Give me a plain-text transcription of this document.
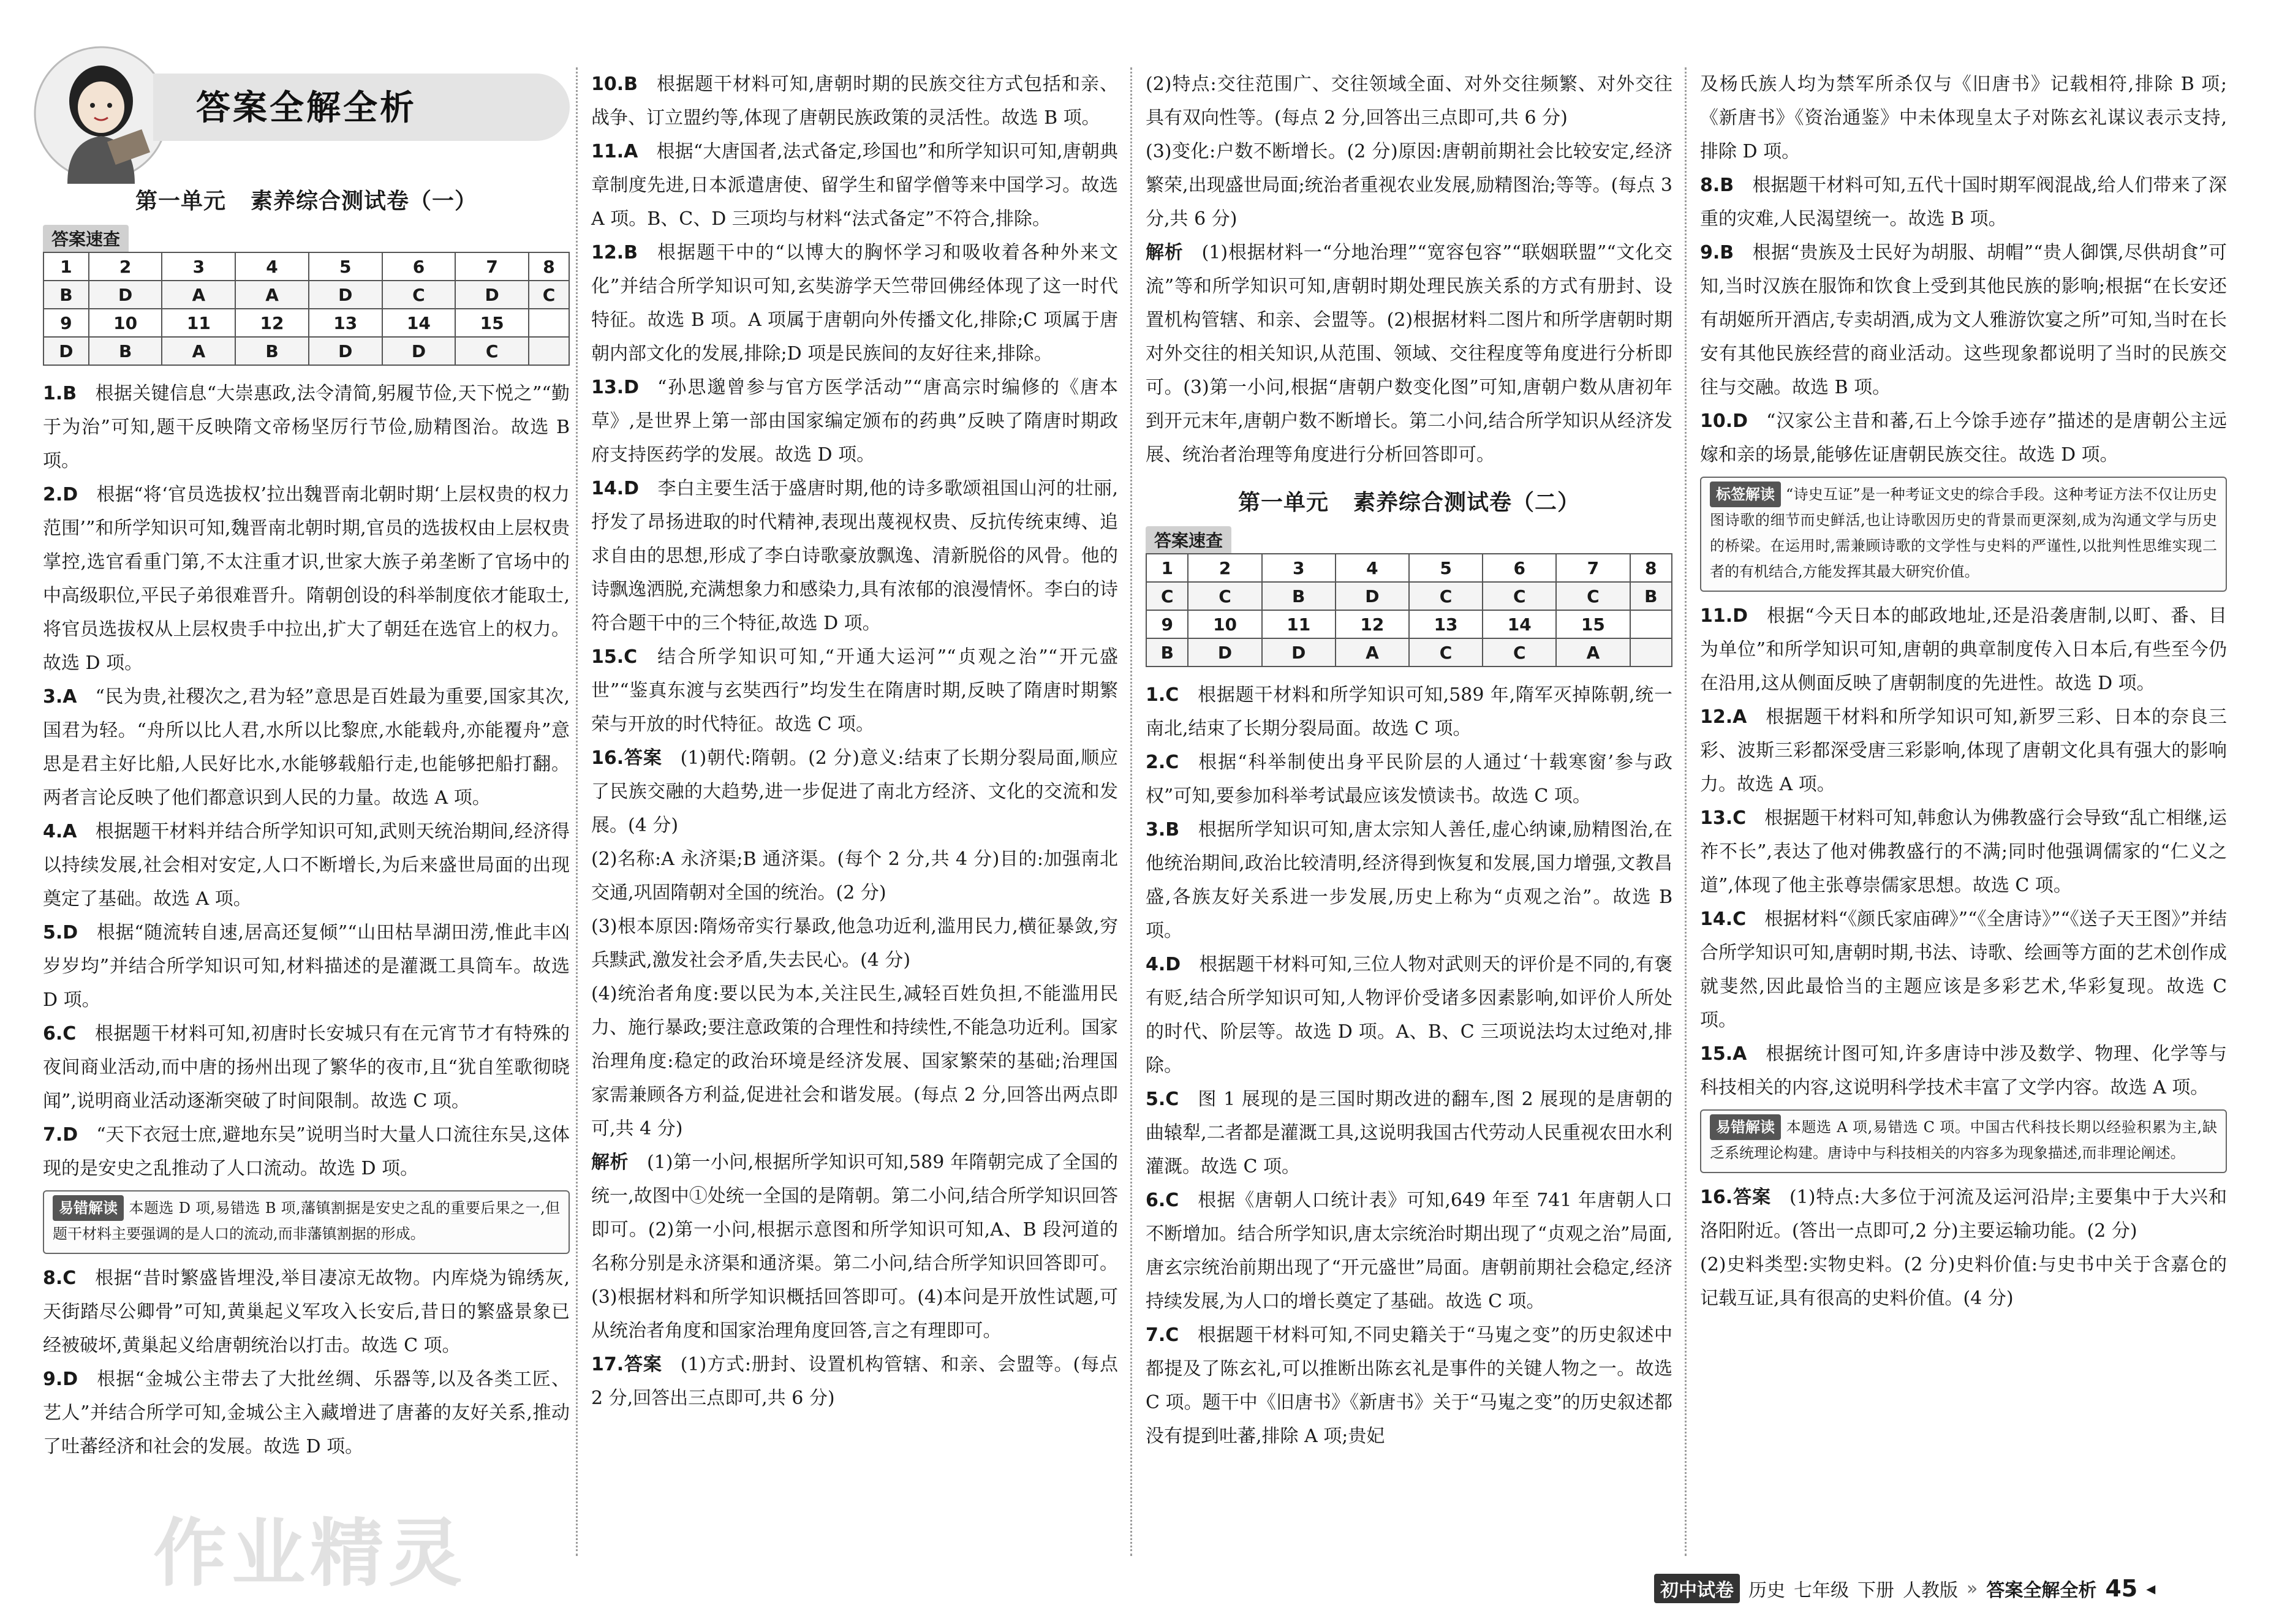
答案全解全析
第一单元 素养综合测试卷（一）
答案速查
1	2	3	4	5	6	7	8
B	D	A	A	D	C	D	C
9	10	11	12	13	14	15	
D	B	A	B	D	D	C	
1.B  根据关键信息“大崇惠政,法令清简,躬履节俭,天下悦之”“勤于为治”可知,题干反映隋文帝杨坚厉行节俭,励精图治。故选 B 项。
2.D  根据“将‘官员选拔权’拉出魏晋南北朝时期‘上层权贵的权力范围’”和所学知识可知,魏晋南北朝时期,官员的选拔权由上层权贵掌控,选官看重门第,不太注重才识,世家大族子弟垄断了官场中的中高级职位,平民子弟很难晋升。隋朝创设的科举制度依才能取士,将官员选拔权从上层权贵手中拉出,扩大了朝廷在选官上的权力。故选 D 项。
3.A  “民为贵,社稷次之,君为轻”意思是百姓最为重要,国家其次,国君为轻。“舟所以比人君,水所以比黎庶,水能载舟,亦能覆舟”意思是君主好比船,人民好比水,水能够载船行走,也能够把船打翻。两者言论反映了他们都意识到人民的力量。故选 A 项。
4.A  根据题干材料并结合所学知识可知,武则天统治期间,经济得以持续发展,社会相对安定,人口不断增长,为后来盛世局面的出现奠定了基础。故选 A 项。
5.D  根据“随流转自速,居高还复倾”“山田枯旱湖田涝,惟此丰凶岁岁均”并结合所学知识可知,材料描述的是灌溉工具筒车。故选 D 项。
6.C  根据题干材料可知,初唐时长安城只有在元宵节才有特殊的夜间商业活动,而中唐的扬州出现了繁华的夜市,且“犹自笙歌彻晓闻”,说明商业活动逐渐突破了时间限制。故选 C 项。
7.D  “天下衣冠士庶,避地东吴”说明当时大量人口流往东吴,这体现的是安史之乱推动了人口流动。故选 D 项。
易错解读 本题选 D 项,易错选 B 项,藩镇割据是安史之乱的重要后果之一,但题干材料主要强调的是人口的流动,而非藩镇割据的形成。
8.C  根据“昔时繁盛皆埋没,举目凄凉无故物。内库烧为锦绣灰,天街踏尽公卿骨”可知,黄巢起义军攻入长安后,昔日的繁盛景象已经被破坏,黄巢起义给唐朝统治以打击。故选 C 项。
9.D  根据“金城公主带去了大批丝绸、乐器等,以及各类工匠、艺人”并结合所学可知,金城公主入藏增进了唐蕃的友好关系,推动了吐蕃经济和社会的发展。故选 D 项。
10.B  根据题干材料可知,唐朝时期的民族交往方式包括和亲、战争、订立盟约等,体现了唐朝民族政策的灵活性。故选 B 项。
11.A  根据“大唐国者,法式备定,珍国也”和所学知识可知,唐朝典章制度先进,日本派遣唐使、留学生和留学僧等来中国学习。故选 A 项。B、C、D 三项均与材料“法式备定”不符合,排除。
12.B  根据题干中的“以博大的胸怀学习和吸收着各种外来文化”并结合所学知识可知,玄奘游学天竺带回佛经体现了这一时代特征。故选 B 项。A 项属于唐朝向外传播文化,排除;C 项属于唐朝内部文化的发展,排除;D 项是民族间的友好往来,排除。
13.D  “孙思邈曾参与官方医学活动”“唐高宗时编修的《唐本草》,是世界上第一部由国家编定颁布的药典”反映了隋唐时期政府支持医药学的发展。故选 D 项。
14.D  李白主要生活于盛唐时期,他的诗多歌颂祖国山河的壮丽,抒发了昂扬进取的时代精神,表现出蔑视权贵、反抗传统束缚、追求自由的思想,形成了李白诗歌豪放飘逸、清新脱俗的风骨。他的诗飘逸洒脱,充满想象力和感染力,具有浓郁的浪漫情怀。李白的诗符合题干中的三个特征,故选 D 项。
15.C  结合所学知识可知,“开通大运河”“贞观之治”“开元盛世”“鉴真东渡与玄奘西行”均发生在隋唐时期,反映了隋唐时期繁荣与开放的时代特征。故选 C 项。
16.答案  (1)朝代:隋朝。(2 分)意义:结束了长期分裂局面,顺应了民族交融的大趋势,进一步促进了南北方经济、文化的交流和发展。(4 分)
(2)名称:A 永济渠;B 通济渠。(每个 2 分,共 4 分)目的:加强南北交通,巩固隋朝对全国的统治。(2 分)
(3)根本原因:隋炀帝实行暴政,他急功近利,滥用民力,横征暴敛,穷兵黩武,激发社会矛盾,失去民心。(4 分)
(4)统治者角度:要以民为本,关注民生,减轻百姓负担,不能滥用民力、施行暴政;要注意政策的合理性和持续性,不能急功近利。国家治理角度:稳定的政治环境是经济发展、国家繁荣的基础;治理国家需兼顾各方利益,促进社会和谐发展。(每点 2 分,回答出两点即可,共 4 分)
解析  (1)第一小问,根据所学知识可知,589 年隋朝完成了全国的统一,故图中①处统一全国的是隋朝。第二小问,结合所学知识回答即可。(2)第一小问,根据示意图和所学知识可知,A、B 段河道的名称分别是永济渠和通济渠。第二小问,结合所学知识回答即可。(3)根据材料和所学知识概括回答即可。(4)本问是开放性试题,可从统治者角度和国家治理角度回答,言之有理即可。
17.答案  (1)方式:册封、设置机构管辖、和亲、会盟等。(每点 2 分,回答出三点即可,共 6 分)
(2)特点:交往范围广、交往领域全面、对外交往频繁、对外交往具有双向性等。(每点 2 分,回答出三点即可,共 6 分)
(3)变化:户数不断增长。(2 分)原因:唐朝前期社会比较安定,经济繁荣,出现盛世局面;统治者重视农业发展,励精图治;等等。(每点 3 分,共 6 分)
解析  (1)根据材料一“分地治理”“宽容包容”“联姻联盟”“文化交流”等和所学知识可知,唐朝时期处理民族关系的方式有册封、设置机构管辖、和亲、会盟等。(2)根据材料二图片和所学唐朝时期对外交往的相关知识,从范围、领域、交往程度等角度进行分析即可。(3)第一小问,根据“唐朝户数变化图”可知,唐朝户数从唐初年到开元末年,唐朝户数不断增长。第二小问,结合所学知识从经济发展、统治者治理等角度进行分析回答即可。
第一单元 素养综合测试卷（二）
答案速查
1	2	3	4	5	6	7	8
C	C	B	D	C	C	C	B
9	10	11	12	13	14	15	
B	D	D	A	C	C	A	
1.C  根据题干材料和所学知识可知,589 年,隋军灭掉陈朝,统一南北,结束了长期分裂局面。故选 C 项。
2.C  根据“科举制使出身平民阶层的人通过‘十载寒窗’参与政权”可知,要参加科举考试最应该发愤读书。故选 C 项。
3.B  根据所学知识可知,唐太宗知人善任,虚心纳谏,励精图治,在他统治期间,政治比较清明,经济得到恢复和发展,国力增强,文教昌盛,各族友好关系进一步发展,历史上称为“贞观之治”。故选 B 项。
4.D  根据题干材料可知,三位人物对武则天的评价是不同的,有褒有贬,结合所学知识可知,人物评价受诸多因素影响,如评价人所处的时代、阶层等。故选 D 项。A、B、C 三项说法均太过绝对,排除。
5.C  图 1 展现的是三国时期改进的翻车,图 2 展现的是唐朝的曲辕犁,二者都是灌溉工具,这说明我国古代劳动人民重视农田水利灌溉。故选 C 项。
6.C  根据《唐朝人口统计表》可知,649 年至 741 年唐朝人口不断增加。结合所学知识,唐太宗统治时期出现了“贞观之治”局面,唐玄宗统治前期出现了“开元盛世”局面。唐朝前期社会稳定,经济持续发展,为人口的增长奠定了基础。故选 C 项。
7.C  根据题干材料可知,不同史籍关于“马嵬之变”的历史叙述中都提及了陈玄礼,可以推断出陈玄礼是事件的关键人物之一。故选 C 项。题干中《旧唐书》《新唐书》关于“马嵬之变”的历史叙述都没有提到吐蕃,排除 A 项;贵妃
及杨氏族人均为禁军所杀仅与《旧唐书》记载相符,排除 B 项;《新唐书》《资治通鉴》中未体现皇太子对陈玄礼谋议表示支持,排除 D 项。
8.B  根据题干材料可知,五代十国时期军阀混战,给人们带来了深重的灾难,人民渴望统一。故选 B 项。
9.B  根据“贵族及士民好为胡服、胡帽”“贵人御馔,尽供胡食”可知,当时汉族在服饰和饮食上受到其他民族的影响;根据“在长安还有胡姬所开酒店,专卖胡酒,成为文人雅游饮宴之所”可知,当时在长安有其他民族经营的商业活动。这些现象都说明了当时的民族交往与交融。故选 B 项。
10.D  “汉家公主昔和蕃,石上今馀手迹存”描述的是唐朝公主远嫁和亲的场景,能够佐证唐朝民族交往。故选 D 项。
标签解读 “诗史互证”是一种考证文史的综合手段。这种考证方法不仅让历史图诗歌的细节而史鲜活,也让诗歌因历史的背景而更深刻,成为沟通文学与历史的桥梁。在运用时,需兼顾诗歌的文学性与史料的严谨性,以批判性思维实现二者的有机结合,方能发挥其最大研究价值。
11.D  根据“今天日本的邮政地址,还是沿袭唐制,以町、番、目为单位”和所学知识可知,唐朝的典章制度传入日本后,有些至今仍在沿用,这从侧面反映了唐朝制度的先进性。故选 D 项。
12.A  根据题干材料和所学知识可知,新罗三彩、日本的奈良三彩、波斯三彩都深受唐三彩影响,体现了唐朝文化具有强大的影响力。故选 A 项。
13.C  根据题干材料可知,韩愈认为佛教盛行会导致“乱亡相继,运祚不长”,表达了他对佛教盛行的不满;同时他强调儒家的“仁义之道”,体现了他主张尊崇儒家思想。故选 C 项。
14.C  根据材料“《颜氏家庙碑》”“《全唐诗》”“《送子天王图》”并结合所学知识可知,唐朝时期,书法、诗歌、绘画等方面的艺术创作成就斐然,因此最恰当的主题应该是多彩艺术,华彩复现。故选 C 项。
15.A  根据统计图可知,许多唐诗中涉及数学、物理、化学等与科技相关的内容,这说明科学技术丰富了文学内容。故选 A 项。
易错解读 本题选 A 项,易错选 C 项。中国古代科技长期以经验积累为主,缺乏系统理论构建。唐诗中与科技相关的内容多为现象描述,而非理论阐述。
16.答案  (1)特点:大多位于河流及运河沿岸;主要集中于大兴和洛阳附近。(答出一点即可,2 分)主要运输功能。(2 分)
(2)史料类型:实物史料。(2 分)史料价值:与史书中关于含嘉仓的记载互证,具有很高的史料价值。(4 分)
作业精灵	初中试卷 历史 七年级 下册 人教版 » 答案全解全析 45 ◂
